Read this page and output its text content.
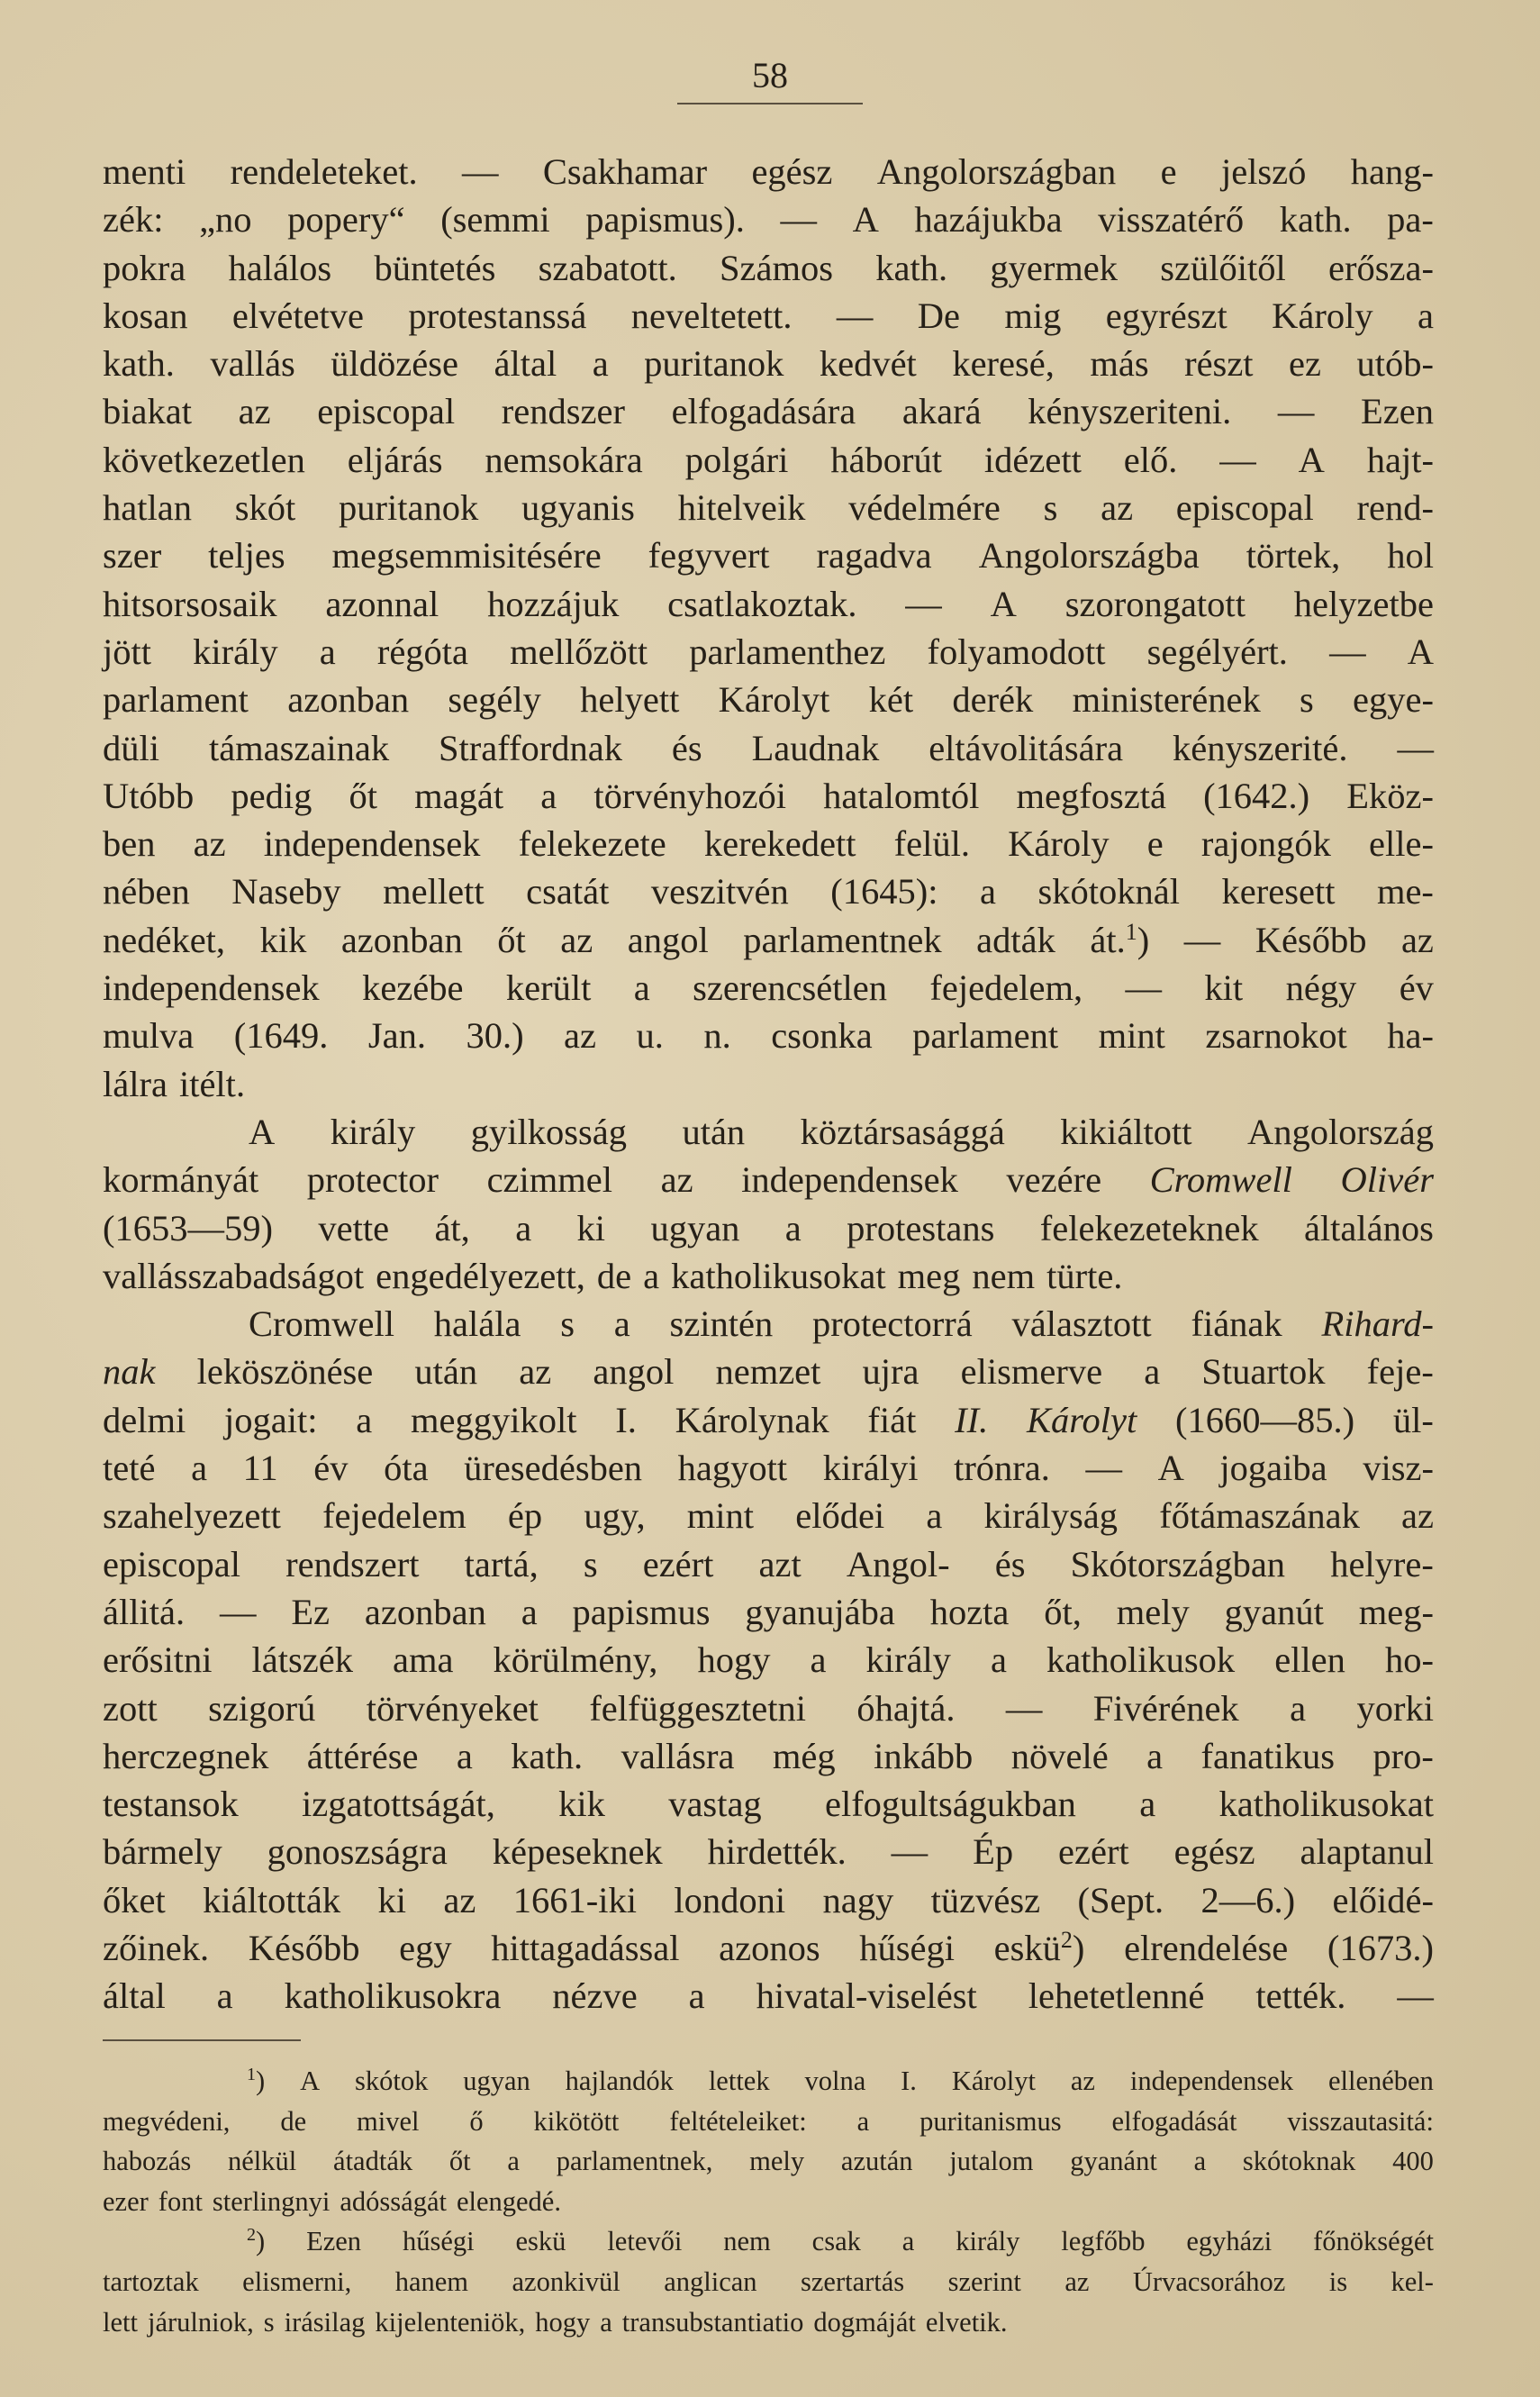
58
menti rendeleteket. — Csakhamar egész Angolországban e jelszó hang-
zék: „no popery“ (semmi papismus). — A hazájukba visszatérő kath. pa-
pokra halálos büntetés szabatott. Számos kath. gyermek szülőitől erősza-
kosan elvétetve protestanssá neveltetett. — De mig egyrészt Károly a
kath. vallás üldözése által a puritanok kedvét keresé, más részt ez utób-
biakat az episcopal rendszer elfogadására akará kényszeriteni. — Ezen
következetlen eljárás nemsokára polgári háborút idézett elő. — A hajt-
hatlan skót puritanok ugyanis hitelveik védelmére s az episcopal rend-
szer teljes megsemmisitésére fegyvert ragadva Angolországba törtek, hol
hitsorsosaik azonnal hozzájuk csatlakoztak. — A szorongatott helyzetbe
jött király a régóta mellőzött parlamenthez folyamodott segélyért. — A
parlament azonban segély helyett Károlyt két derék ministerének s egye-
düli támaszainak Straffordnak és Laudnak eltávolitására kényszerité. —
Utóbb pedig őt magát a törvényhozói hatalomtól megfosztá (1642.) Eköz-
ben az independensek felekezete kerekedett felül. Károly e rajongók elle-
nében Naseby mellett csatát veszitvén (1645): a skótoknál keresett me-
nedéket, kik azonban őt az angol parlamentnek adták át.$^1$) — Később az
independensek kezébe került a szerencsétlen fejedelem, — kit négy év
mulva (1649. Jan. 30.) az u. n. csonka parlament mint zsarnokot ha-
lálra itélt.
A király gyilkosság után köztársasággá kikiáltott Angolország
kormányát protector czimmel az independensek vezére Cromwell Olivér
(1653—59) vette át, a ki ugyan a protestans felekezeteknek általános
vallásszabadságot engedélyezett, de a katholikusokat meg nem türte.
Cromwell halála s a szintén protectorrá választott fiának Rihard-
nak leköszönése után az angol nemzet ujra elismerve a Stuartok feje-
delmi jogait: a meggyikolt I. Károlynak fiát II. Károlyt (1660—85.) ül-
teté a 11 év óta üresedésben hagyott királyi trónra. — A jogaiba visz-
szahelyezett fejedelem ép ugy, mint elődei a királyság főtámaszának az
episcopal rendszert tartá, s ezért azt Angol- és Skótországban helyre-
állitá. — Ez azonban a papismus gyanujába hozta őt, mely gyanút meg-
erősitni látszék ama körülmény, hogy a király a katholikusok ellen ho-
zott szigorú törvényeket felfüggesztetni óhajtá. — Fivérének a yorki
herczegnek áttérése a kath. vallásra még inkább növelé a fanatikus pro-
testansok izgatottságát, kik vastag elfogultságukban a katholikusokat
bármely gonoszságra képeseknek hirdették. — Ép ezért egész alaptanul
őket kiáltották ki az 1661-iki londoni nagy tüzvész (Sept. 2—6.) előidé-
zőinek. Később egy hittagadással azonos hűségi eskü$^2$) elrendelése (1673.)
által a katholikusokra nézve a hivatal-viselést lehetetlenné tették. —
$^1$) A skótok ugyan hajlandók lettek volna I. Károlyt az independensek ellenében
megvédeni, de mivel ő kikötött feltételeiket: a puritanismus elfogadását visszautasitá:
habozás nélkül átadták őt a parlamentnek, mely azután jutalom gyanánt a skótoknak 400
ezer font sterlingnyi adósságát elengedé.
$^2$) Ezen hűségi eskü letevői nem csak a király legfőbb egyházi főnökségét
tartoztak elismerni, hanem azonkivül anglican szertartás szerint az Úrvacsorához is kel-
lett járulniok, s irásilag kijelenteniök, hogy a transubstantiatio dogmáját elvetik.
